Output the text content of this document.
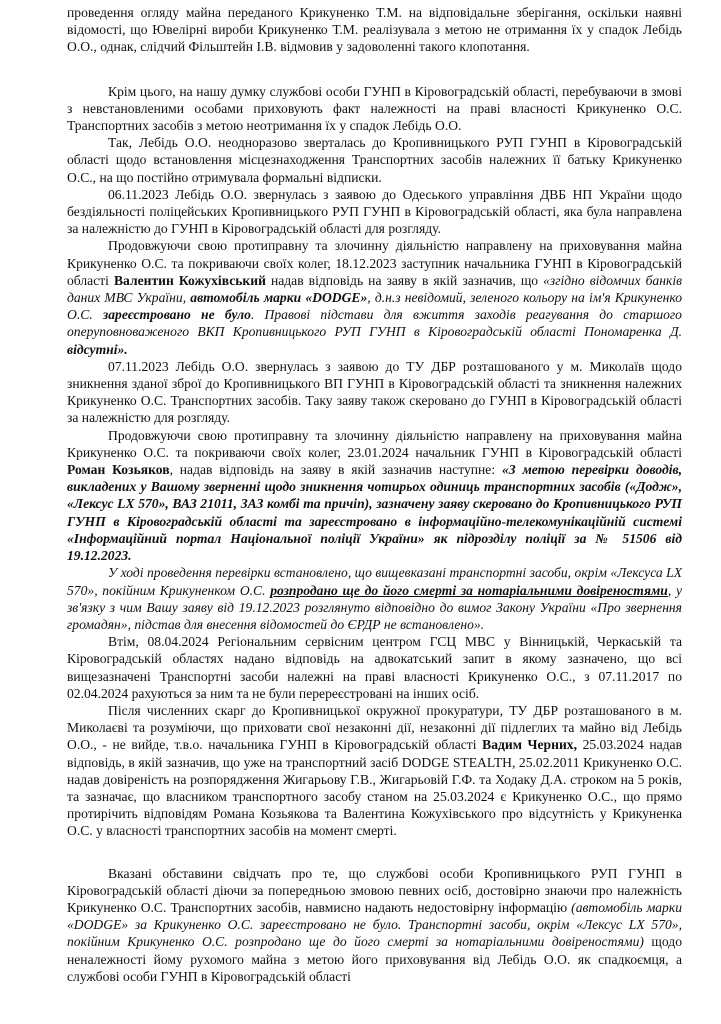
проведення огляду майна переданого Крикуненко Т.М. на відповідальне зберігання, оскільки наявні відомості, що Ювелірні вироби Крикуненко Т.М. реалізувала з метою не отримання їх у спадок Лебідь О.О., однак, слідчий Фільштейн І.В. відмовив у задоволенні такого клопотання.

Крім цього, на нашу думку службові особи ГУНП в Кіровоградській області, перебуваючи в змові з невстановленими особами приховують факт належності на праві власності Крикуненко О.С. Транспортних засобів з метою неотримання їх у спадок Лебідь О.О.

Так, Лебідь О.О. неодноразово зверталась до Кропивницького РУП ГУНП в Кіровоградській області щодо встановлення місцезнаходження Транспортних засобів належних її батьку Крикуненко О.С., на що постійно отримувала формальні відписки.

06.11.2023 Лебідь О.О. звернулась з заявою до Одеського управління ДВБ НП України щодо бездіяльності поліцейських Кропивницького РУП ГУНП в Кіровоградській області, яка була направлена за належністю до ГУНП в Кіровоградській області для розгляду.

Продовжуючи свою протиправну та злочинну діяльністю направлену на приховування майна Крикуненко О.С. та покриваючи своїх колег, 18.12.2023 заступник начальника ГУНП в Кіровоградській області Валентин Кожухівський надав відповідь на заяву в якій зазначив, що «згідно відомчих банків даних МВС України, автомобіль марки «DODGE», д.н.з невідомий, зеленого кольору на ім'я Крикуненко О.С. зареєстровано не було. Правові підстави для вжиття заходів реагування до старшого оперуповноваженого ВКП Кропивницького РУП ГУНП в Кіровоградській області Пономаренка Д. відсутні».

07.11.2023 Лебідь О.О. звернулась з заявою до ТУ ДБР розташованого у м. Миколаїв щодо зникнення зданої зброї до Кропивницького ВП ГУНП в Кіровоградській області та зникнення належних Крикуненко О.С. Транспортних засобів. Таку заяву також скеровано до ГУНП в Кіровоградській області за належністю для розгляду.

Продовжуючи свою протиправну та злочинну діяльністю направлену на приховування майна Крикуненко О.С. та покриваючи своїх колег, 23.01.2024 начальник ГУНП в Кіровоградській області Роман Козьяков, надав відповідь на заяву в якій зазначив наступне: «З метою перевірки доводів, викладених у Вашому зверненні щодо зникнення чотирьох одиниць транспортних засобів («Додж», «Лексус LX 570», ВАЗ 21011, ЗАЗ комбі та причіп), зазначену заяву скеровано до Кропивницького РУП ГУНП в Кіровоградській області та зареєстровано в інформаційно-телекомунікаційній системі «Інформаційний портал Національної поліції України» як підрозділу поліції за № 51506 від 19.12.2023.

У ході проведення перевірки встановлено, що вищевказані транспортні засоби, окрім «Лексуса LX 570», покійним Крикуненком О.С. розпродано ще до його смерті за нотаріальними довіреностями, у зв'язку з чим Вашу заяву від 19.12.2023 розглянуто відповідно до вимог Закону України «Про звернення громадян», підстав для внесення відомостей до ЄРДР не встановлено».

Втім, 08.04.2024 Регіональним сервісним центром ГСЦ МВС у Вінницькій, Черкаській та Кіровоградській областях надано відповідь на адвокатський запит в якому зазначено, що всі вищезазначені Транспортні засоби належні на праві власності Крикуненко О.С., з 07.11.2017 по 02.04.2024 рахуються за ним та не були перереєстровані на інших осіб.

Після численних скарг до Кропивницької окружної прокуратури, ТУ ДБР розташованого в м. Миколаєві та розуміючи, що приховати свої незаконні дії, незаконні дії підлеглих та майно від Лебідь О.О., - не вийде, т.в.о. начальника ГУНП в Кіровоградській області Вадим Черних, 25.03.2024 надав відповідь, в якій зазначив, що уже на транспортний засіб DODGE STEALTH, 25.02.2011 Крикуненко О.С. надав довіреність на розпорядження Жигарьову Г.В., Жигарьовій Г.Ф. та Ходаку Д.А. строком на 5 років, та зазначає, що власником транспортного засобу станом на 25.03.2024 є Крикуненко О.С., що прямо протирічить відповідям Романа Козьякова та Валентина Кожухівського про відсутність у Крикуненка О.С. у власності транспортних засобів на момент смерті.

Вказані обставини свідчать про те, що службові особи Кропивницького РУП ГУНП в Кіровоградській області діючи за попередньою змовою певних осіб, достовірно знаючи про належність Крикуненко О.С. Транспортних засобів, навмисно надають недостовірну інформацію (автомобіль марки «DODGE» за Крикуненко О.С. зареєстровано не було. Транспортні засоби, окрім «Лексус LX 570», покійним Крикуненко О.С. розпродано ще до його смерті за нотаріальними довіреностями) щодо неналежності йому рухомого майна з метою його приховування від Лебідь О.О. як спадкоємця, а службові особи ГУНП в Кіровоградській області
